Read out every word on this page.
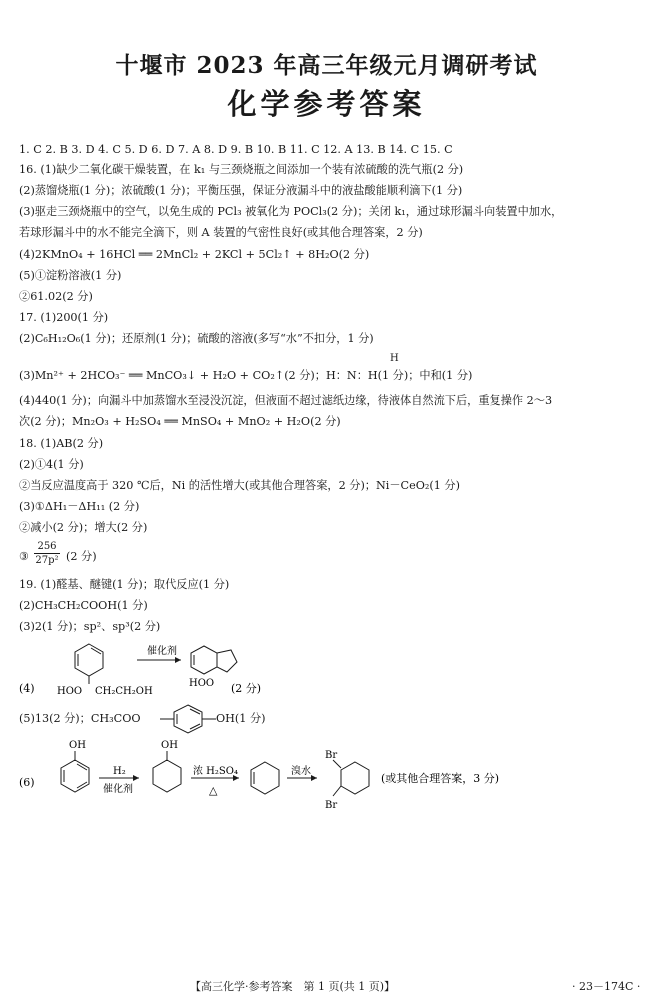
十堰市 2023 年高三年级元月调研考试
化学参考答案
1. C 2. B 3. D 4. C 5. D 6. D 7. A 8. D 9. B 10. B 11. C 12. A 13. B 14. C 15. C
16. (1)缺少二氧化碳干燥装置，在 k₁ 与三颈烧瓶之间添加一个装有浓硫酸的洗气瓶(2 分)
(2)蒸馏烧瓶(1 分)；浓硫酸(1 分)；平衡压强，保证分液漏斗中的液盐酸能顺利滴下(1 分)
(3)驱走三颈烧瓶中的空气，以免生成的 PCl₃ 被氧化为 POCl₃(2 分)；关闭 k₁，通过球形漏斗向装置中加水，
若球形漏斗中的水不能完全滴下，则 A 装置的气密性良好(或其他合理答案，2 分)
(4)2KMnO₄ + 16HCl ══ 2MnCl₂ + 2KCl + 5Cl₂↑ + 8H₂O(2 分)
(5)①淀粉溶液(1 分)
②61.02(2 分)
17. (1)200(1 分)
(2)C₆H₁₂O₆(1 分)；还原剂(1 分)；硫酸的溶液(多写“水”不扣分，1 分)
H
(3)Mn²⁺ + 2HCO₃⁻ ══ MnCO₃↓ + H₂O + CO₂↑(2 分)；H：N：H(1 分)；中和(1 分)
(4)440(1 分)；向漏斗中加蒸馏水至浸没沉淀，但液面不超过滤纸边缘，待液体自然流下后，重复操作 2～3
次(2 分)；Mn₂O₃ + H₂SO₄ ══ MnSO₄ + MnO₂ + H₂O(2 分)
18. (1)AB(2 分)
(2)①4(1 分)
②当反应温度高于 320 ℃后，Ni 的活性增大(或其他合理答案，2 分)；Ni－CeO₂(1 分)
(3)①ΔH₁－ΔH₁₁ (2 分)
②减小(2 分)；增大(2 分)
③
256
27p² (2 分)
19. (1)醛基、醚键(1 分)；取代反应(1 分)
(2)CH₃CH₂COOH(1 分)
(3)2(1 分)；sp²、sp³(2 分)
(4) HOO CH₂CH₂OH
催化剂
HOO (2 分)
(5)13(2 分)；CH₃COO	OH(1 分)
(6)
OH
H₂
催化剂
OH
浓 H₂SO₄
△
溴水
Br
Br
(或其他合理答案，3 分)
【高三化学·参考答案　第 1 页(共 1 页)】	· 23－174C ·
